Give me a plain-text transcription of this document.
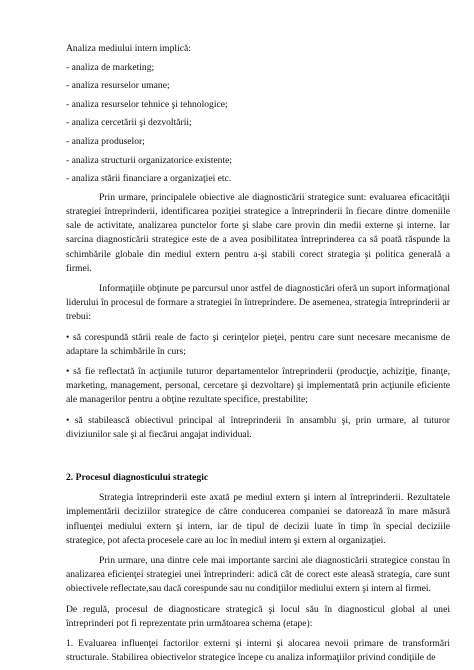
Analiza mediului intern implică:

- analiza de marketing;

- analiza resurselor umane;

- analiza resurselor tehnice şi tehnologice;

- analiza cercetării şi dezvoltării;

- analiza produselor;

- analiza structurii organizatorice existente;

- analiza stării financiare a organizaţiei etc.

Prin urmare, principalele obiective ale diagnosticării strategice sunt: evaluarea eficacităţii strategiei întreprinderii, identificarea poziţiei strategice a întreprinderii în fiecare dintre domeniile sale de activitate, analizarea punctelor forte şi slabe care provin din medii externe şi interne. Iar sarcina diagnosticării strategice este de a avea posibilitatea întreprinderea ca să poată răspunde la schimbările globale din mediul extern pentru a-şi stabili corect strategia şi politica generală a firmei.

Informaţiile obţinute pe parcursul unor astfel de diagnosticări oferă un suport informaţional liderului în procesul de formare a strategiei în întreprindere. De asemenea, strategia întreprinderii ar trebui:

• să corespundă stării reale de facto şi cerinţelor pieţei, pentru care sunt necesare mecanisme de adaptare la schimbările în curs;

• să fie reflectată în acţiunile tuturor departamentelor întreprinderii (producţie, achiziţie, finanţe, marketing, management, personal, cercetare şi dezvoltare) şi implementată prin acţiunile eficiente ale managerilor pentru a obţine rezultate specifice, prestabilite;

• să stabilească obiectivul principal al întreprinderii în ansamblu şi, prin urmare, al tuturor diviziunilor sale şi al fiecărui angajat individual.

2. Procesul diagnosticului strategic

Strategia întreprinderii este axată pe mediul extern şi intern al întreprinderii. Rezultatele implementării deciziilor strategice de către conducerea companiei se datorează în mare măsură influenţei mediului extern şi intern, iar de tipul de decizii luate în timp în special deciziile strategice, pot afecta procesele care au loc în mediul intern şi extern al organizaţiei.

Prin urmare, una dintre cele mai importante sarcini ale diagnosticării strategice constau în analizarea eficienţei strategiei unei întreprinderi: adică cât de corect este aleasă strategia, care sunt obiectivele reflectate,sau dacă corespunde sau nu condiţiilor mediului extern şi intern al firmei.

De regulă, procesul de diagnosticare strategică şi locul său în diagnosticul global al unei întreprinderi pot fi reprezentate prin următoarea schema (etape):

1. Evaluarea influenţei factorilor externi şi interni şi alocarea nevoii primare de transformări structurale. Stabilirea obiectivelor strategice începe cu analiza informaţiilor privind condiţiile de
